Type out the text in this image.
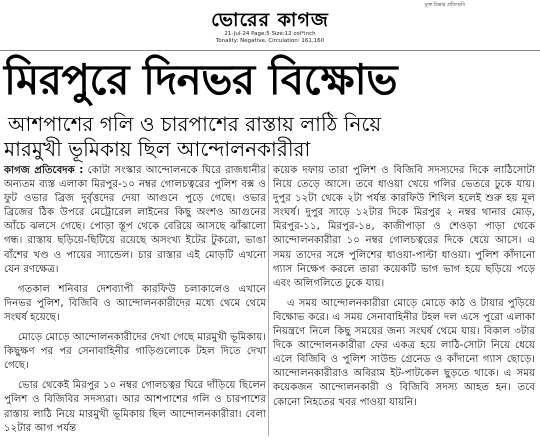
মুক্ত চিন্তার প্রতিচ্ছবি
ভোরের কাগজ
21-Jul-24 Page:5 Size:12 col*inch
Tonality: Negative, Circulation: 161,160
মিরপুরে দিনভর বিক্ষোভ
আশপাশের গলি ও চারপাশের রাস্তায় লাঠি নিয়ে
মারমুখী ভূমিকায় ছিল আন্দোলনকারীরা

কাগজ প্রতিবেদক : কোটা সংস্কার আন্দোলনকে ঘিরে রাজধানীর অন্যতম ব্যস্ত এলাকা মিরপুর-১০ নম্বর গোলচত্বরের পুলিশ বক্স ও ফুট ওভার ব্রিজ দুর্বৃত্তদের দেয়া আগুনে পুড়ে গেছে। ওভার ব্রিজের ঠিক উপরে মেট্রোরেল লাইনের কিছু অংশও আগুনের আঁচে ঝলসে গেছে। পোড়া স্তূপ থেকে বেরিয়ে আসছে ঝাঁঝালো গন্ধ। রাস্তায় ছড়িয়ে-ছিটিয়ে রয়েছে অসংখ্য ইটের টুকরো, ভাঙা বাঁশের খণ্ড ও পায়ের স্যান্ডেল। চার রাস্তার এই মোড়টি এখনো যেন রণক্ষেত্র।

গতকাল শনিবার দেশব্যাপী কারফিউ চলাকালেও এখানে দিনভর পুলিশ, বিজিবি ও আন্দোলনকারীদের মধ্যে থেমে থেমে সংঘর্ষ হয়েছে।

মোড়ে মোড়ে আন্দোলনকারীদের দেখা গেছে মারমুখী ভূমিকায়। কিছুক্ষণ পর পর সেনাবাহিনীর গাড়িগুলোকে টহল দিতে দেখা গেছে।

ভোর থেকেই মিরপুর ১০ নম্বর গোলচত্বর ঘিরে দাঁড়িয়ে ছিলেন পুলিশ ও বিজিবির সদস্যরা। আর আশপাশের গলি ও চারপাশের রাস্তায় লাঠি নিয়ে মারমুখী ভূমিকায় ছিল আন্দোলনকারীরা। বেলা ১২টার আগ পর্যন্ত

কয়েক দফায় তারা পুলিশ ও বিজিবি সদস্যদের দিকে লাঠিসোটা নিয়ে তেড়ে আসে। তবে ধাওয়া খেয়ে গলির ভেতরে ঢুকে যায়। দুপুর ১২টা থেকে ২টা পর্যন্ত কারফিউ শিথিল হলেই শুরু হয় মূল সংঘর্ষ। দুপুর সাড়ে ১২টার দিকে মিরপুর ২ নম্বর থানার মোড়, মিরপুর-১১, মিরপুর-১৪, কাজীপাড়া ও শেওড়া পাড়া থেকে আন্দোলনকারীরা ১০ নম্বর গোলচত্বরের দিকে ধেয়ে আসে। এ সময় তাদের সঙ্গে পুলিশের ধাওয়া-পাল্টা ধাওয়া। পুলিশ কাঁদানো গ্যাস নিক্ষেপ করলে তারা কয়েকটি ভাগ ভাগ হয়ে ছড়িয়ে পড়ে এবং অলিগলিতে ঢুকে যায়।

এ সময় আন্দোলনকারীরা মোড়ে মোড়ে কাঠ ও টায়ার পুড়িয়ে বিক্ষোভ করে। এ সময় সেনাবাহিনীর টহল দল এসে পুরো এলাকা নিয়ন্ত্রণে নিলে কিছু সময়ের জন্য সংঘর্ষ থেমে যায়। বিকাল ৩টার দিকে আন্দোলনকারীরা ফের একত্র হয়ে লাঠি-সোটা নিয়ে ধেয়ে এলে বিজিবি ও পুলিশ সাউন্ড গ্রেনেড ও কাঁদানো গ্যাস ছোড়ে। আন্দোলনকারীরাও অবিরাম ইট-পাটকেল ছুড়তে থাকে। এ সময় কয়েকজন আন্দোলনকারী ও বিজিবি সদস্য আহত হন। তবে কোনো নিহতের খবর পাওয়া যায়নি।
